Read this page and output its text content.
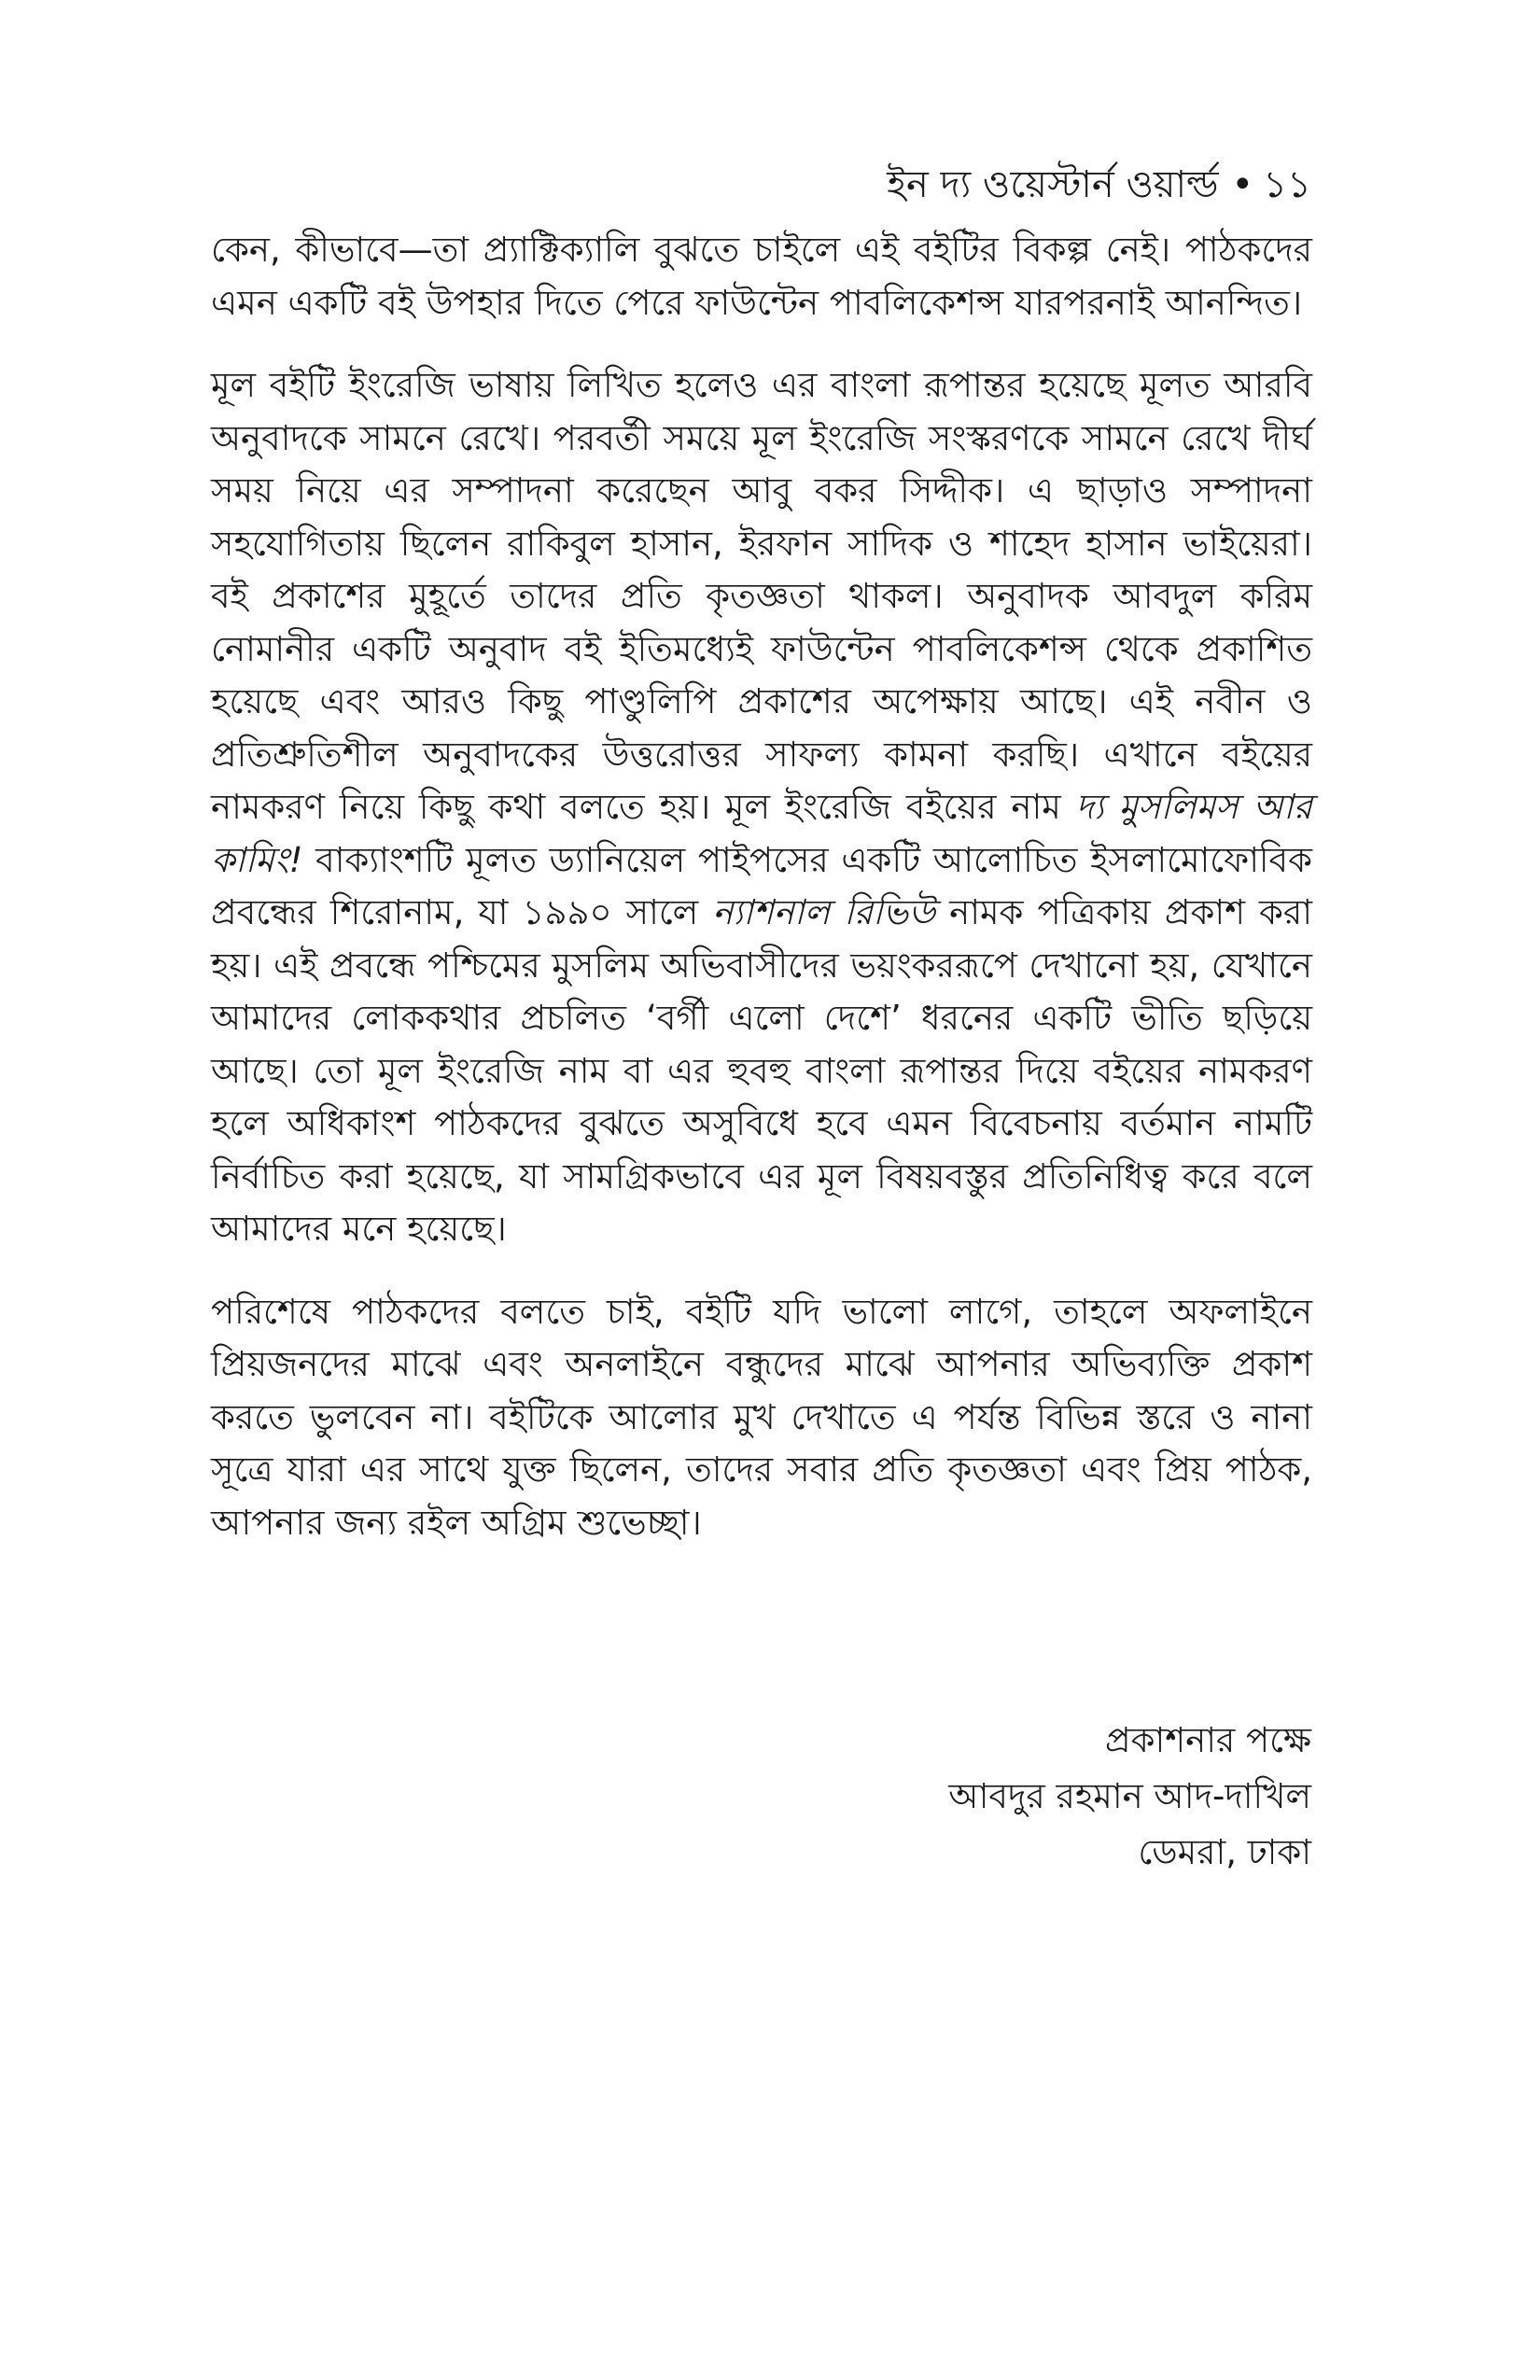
ইন দ্য ওয়েস্টার্ন ওয়ার্ল্ড • ১১

কেন, কীভাবে—তা প্র্যাক্টিক্যালি বুঝতে চাইলে এই বইটির বিকল্প নেই। পাঠকদের এমন একটি বই উপহার দিতে পেরে ফাউন্টেন পাবলিকেশন্স যারপরনাই আনন্দিত।

মূল বইটি ইংরেজি ভাষায় লিখিত হলেও এর বাংলা রূপান্তর হয়েছে মূলত আরবি অনুবাদকে সামনে রেখে। পরবর্তী সময়ে মূল ইংরেজি সংস্করণকে সামনে রেখে দীর্ঘ সময় নিয়ে এর সম্পাদনা করেছেন আবু বকর সিদ্দীক। এ ছাড়াও সম্পাদনা সহযোগিতায় ছিলেন রাকিবুল হাসান, ইরফান সাদিক ও শাহেদ হাসান ভাইয়েরা। বই প্রকাশের মুহূর্তে তাদের প্রতি কৃতজ্ঞতা থাকল। অনুবাদক আবদুল করিম নোমানীর একটি অনুবাদ বই ইতিমধ্যেই ফাউন্টেন পাবলিকেশন্স থেকে প্রকাশিত হয়েছে এবং আরও কিছু পাণ্ডুলিপি প্রকাশের অপেক্ষায় আছে। এই নবীন ও প্রতিশ্রুতিশীল অনুবাদকের উত্তরোত্তর সাফল্য কামনা করছি। এখানে বইয়ের নামকরণ নিয়ে কিছু কথা বলতে হয়। মূল ইংরেজি বইয়ের নাম দ্য মুসলিমস আর কামিং! বাক্যাংশটি মূলত ড্যানিয়েল পাইপসের একটি আলোচিত ইসলামোফোবিক প্রবন্ধের শিরোনাম, যা ১৯৯০ সালে ন্যাশনাল রিভিউ নামক পত্রিকায় প্রকাশ করা হয়। এই প্রবন্ধে পশ্চিমের মুসলিম অভিবাসীদের ভয়ংকররূপে দেখানো হয়, যেখানে আমাদের লোককথার প্রচলিত ‘বর্গী এলো দেশে’ ধরনের একটি ভীতি ছড়িয়ে আছে। তো মূল ইংরেজি নাম বা এর হুবহু বাংলা রূপান্তর দিয়ে বইয়ের নামকরণ হলে অধিকাংশ পাঠকদের বুঝতে অসুবিধে হবে এমন বিবেচনায় বর্তমান নামটি নির্বাচিত করা হয়েছে, যা সামগ্রিকভাবে এর মূল বিষয়বস্তুর প্রতিনিধিত্ব করে বলে আমাদের মনে হয়েছে।

পরিশেষে পাঠকদের বলতে চাই, বইটি যদি ভালো লাগে, তাহলে অফলাইনে প্রিয়জনদের মাঝে এবং অনলাইনে বন্ধুদের মাঝে আপনার অভিব্যক্তি প্রকাশ করতে ভুলবেন না। বইটিকে আলোর মুখ দেখাতে এ পর্যন্ত বিভিন্ন স্তরে ও নানা সূত্রে যারা এর সাথে যুক্ত ছিলেন, তাদের সবার প্রতি কৃতজ্ঞতা এবং প্রিয় পাঠক, আপনার জন্য রইল অগ্রিম শুভেচ্ছা।

প্রকাশনার পক্ষে
আবদুর রহমান আদ-দাখিল
ডেমরা, ঢাকা
